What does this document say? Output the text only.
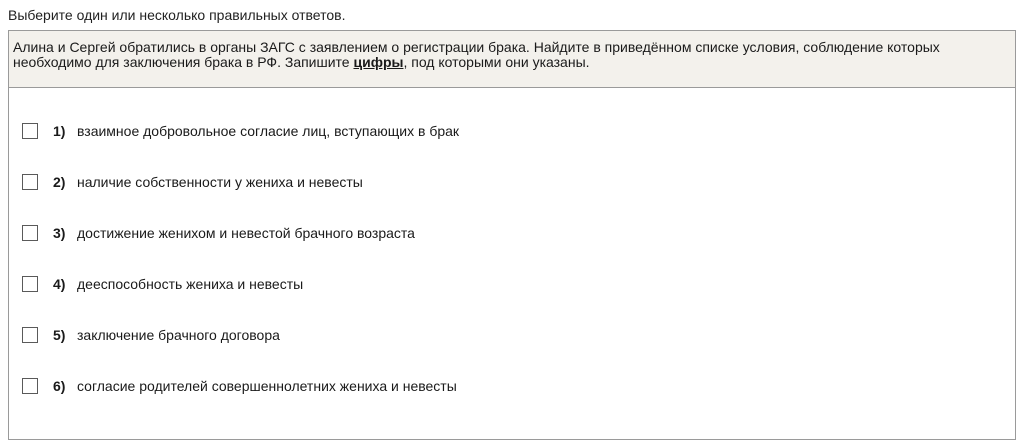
Выберите один или несколько правильных ответов.
Алина и Сергей обратились в органы ЗАГС с заявлением о регистрации брака. Найдите в приведённом списке условия, соблюдение которых необходимо для заключения брака в РФ. Запишите цифры, под которыми они указаны.
1) взаимное добровольное согласие лиц, вступающих в брак
2) наличие собственности у жениха и невесты
3) достижение женихом и невестой брачного возраста
4) дееспособность жениха и невесты
5) заключение брачного договора
6) согласие родителей совершеннолетних жениха и невесты
